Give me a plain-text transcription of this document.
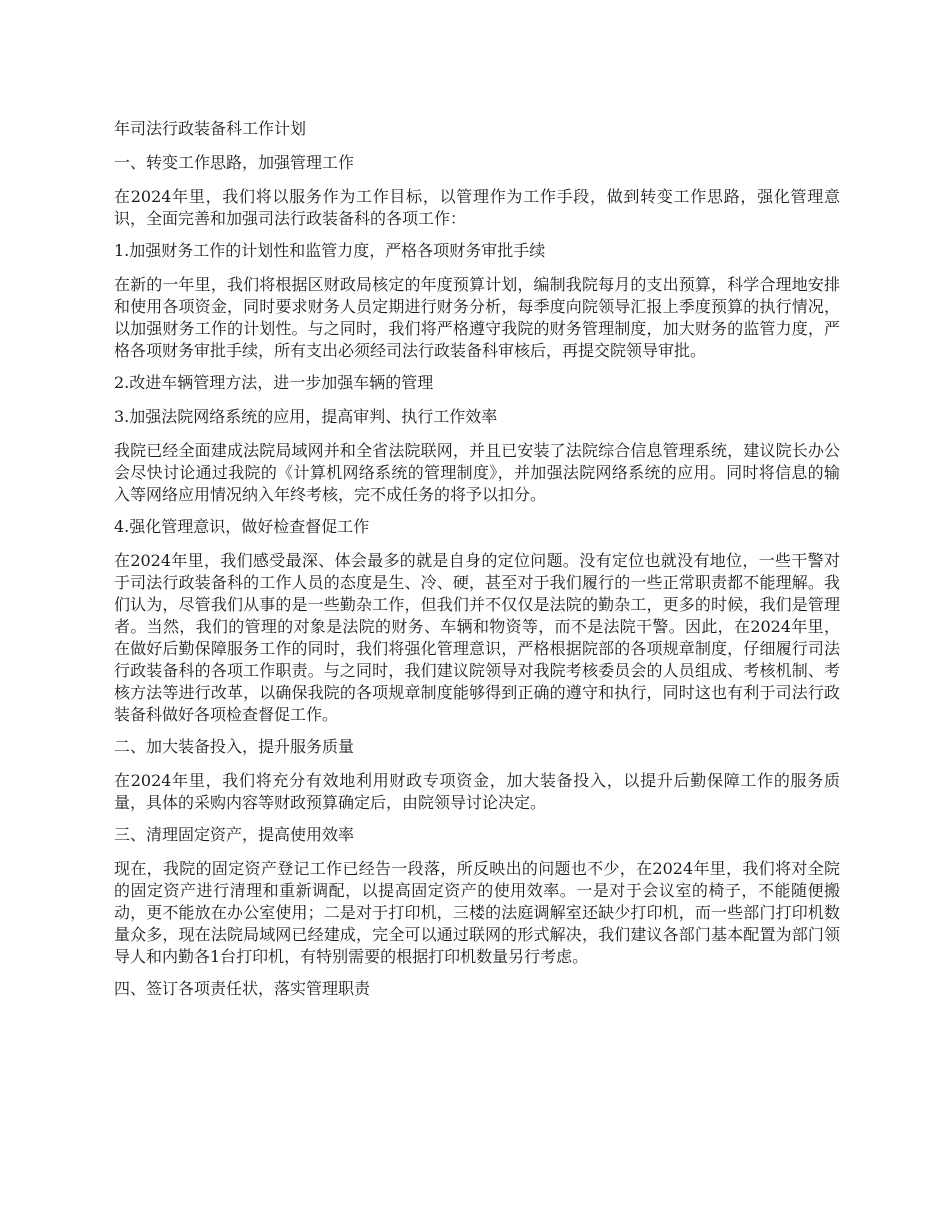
年司法行政装备科工作计划
一、转变工作思路，加强管理工作
在2024年里，我们将以服务作为工作目标，以管理作为工作手段，做到转变工作思路，强化管理意识，全面完善和加强司法行政装备科的各项工作：
1.加强财务工作的计划性和监管力度，严格各项财务审批手续
在新的一年里，我们将根据区财政局核定的年度预算计划，编制我院每月的支出预算，科学合理地安排和使用各项资金，同时要求财务人员定期进行财务分析，每季度向院领导汇报上季度预算的执行情况，以加强财务工作的计划性。与之同时，我们将严格遵守我院的财务管理制度，加大财务的监管力度，严格各项财务审批手续，所有支出必须经司法行政装备科审核后，再提交院领导审批。
2.改进车辆管理方法，进一步加强车辆的管理
3.加强法院网络系统的应用，提高审判、执行工作效率
我院已经全面建成法院局域网并和全省法院联网，并且已安装了法院综合信息管理系统，建议院长办公会尽快讨论通过我院的《计算机网络系统的管理制度》，并加强法院网络系统的应用。同时将信息的输入等网络应用情况纳入年终考核，完不成任务的将予以扣分。
4.强化管理意识，做好检查督促工作
在2024年里，我们感受最深、体会最多的就是自身的定位问题。没有定位也就没有地位，一些干警对于司法行政装备科的工作人员的态度是生、冷、硬，甚至对于我们履行的一些正常职责都不能理解。我们认为，尽管我们从事的是一些勤杂工作，但我们并不仅仅是法院的勤杂工，更多的时候，我们是管理者。当然，我们的管理的对象是法院的财务、车辆和物资等，而不是法院干警。因此，在2024年里，在做好后勤保障服务工作的同时，我们将强化管理意识，严格根据院部的各项规章制度，仔细履行司法行政装备科的各项工作职责。与之同时，我们建议院领导对我院考核委员会的人员组成、考核机制、考核方法等进行改革，以确保我院的各项规章制度能够得到正确的遵守和执行，同时这也有利于司法行政装备科做好各项检查督促工作。
二、加大装备投入，提升服务质量
在2024年里，我们将充分有效地利用财政专项资金，加大装备投入，以提升后勤保障工作的服务质量，具体的采购内容等财政预算确定后，由院领导讨论决定。
三、清理固定资产，提高使用效率
现在，我院的固定资产登记工作已经告一段落，所反映出的问题也不少，在2024年里，我们将对全院的固定资产进行清理和重新调配，以提高固定资产的使用效率。一是对于会议室的椅子，不能随便搬动，更不能放在办公室使用；二是对于打印机，三楼的法庭调解室还缺少打印机，而一些部门打印机数量众多，现在法院局域网已经建成，完全可以通过联网的形式解决，我们建议各部门基本配置为部门领导人和内勤各1台打印机，有特别需要的根据打印机数量另行考虑。
四、签订各项责任状，落实管理职责
